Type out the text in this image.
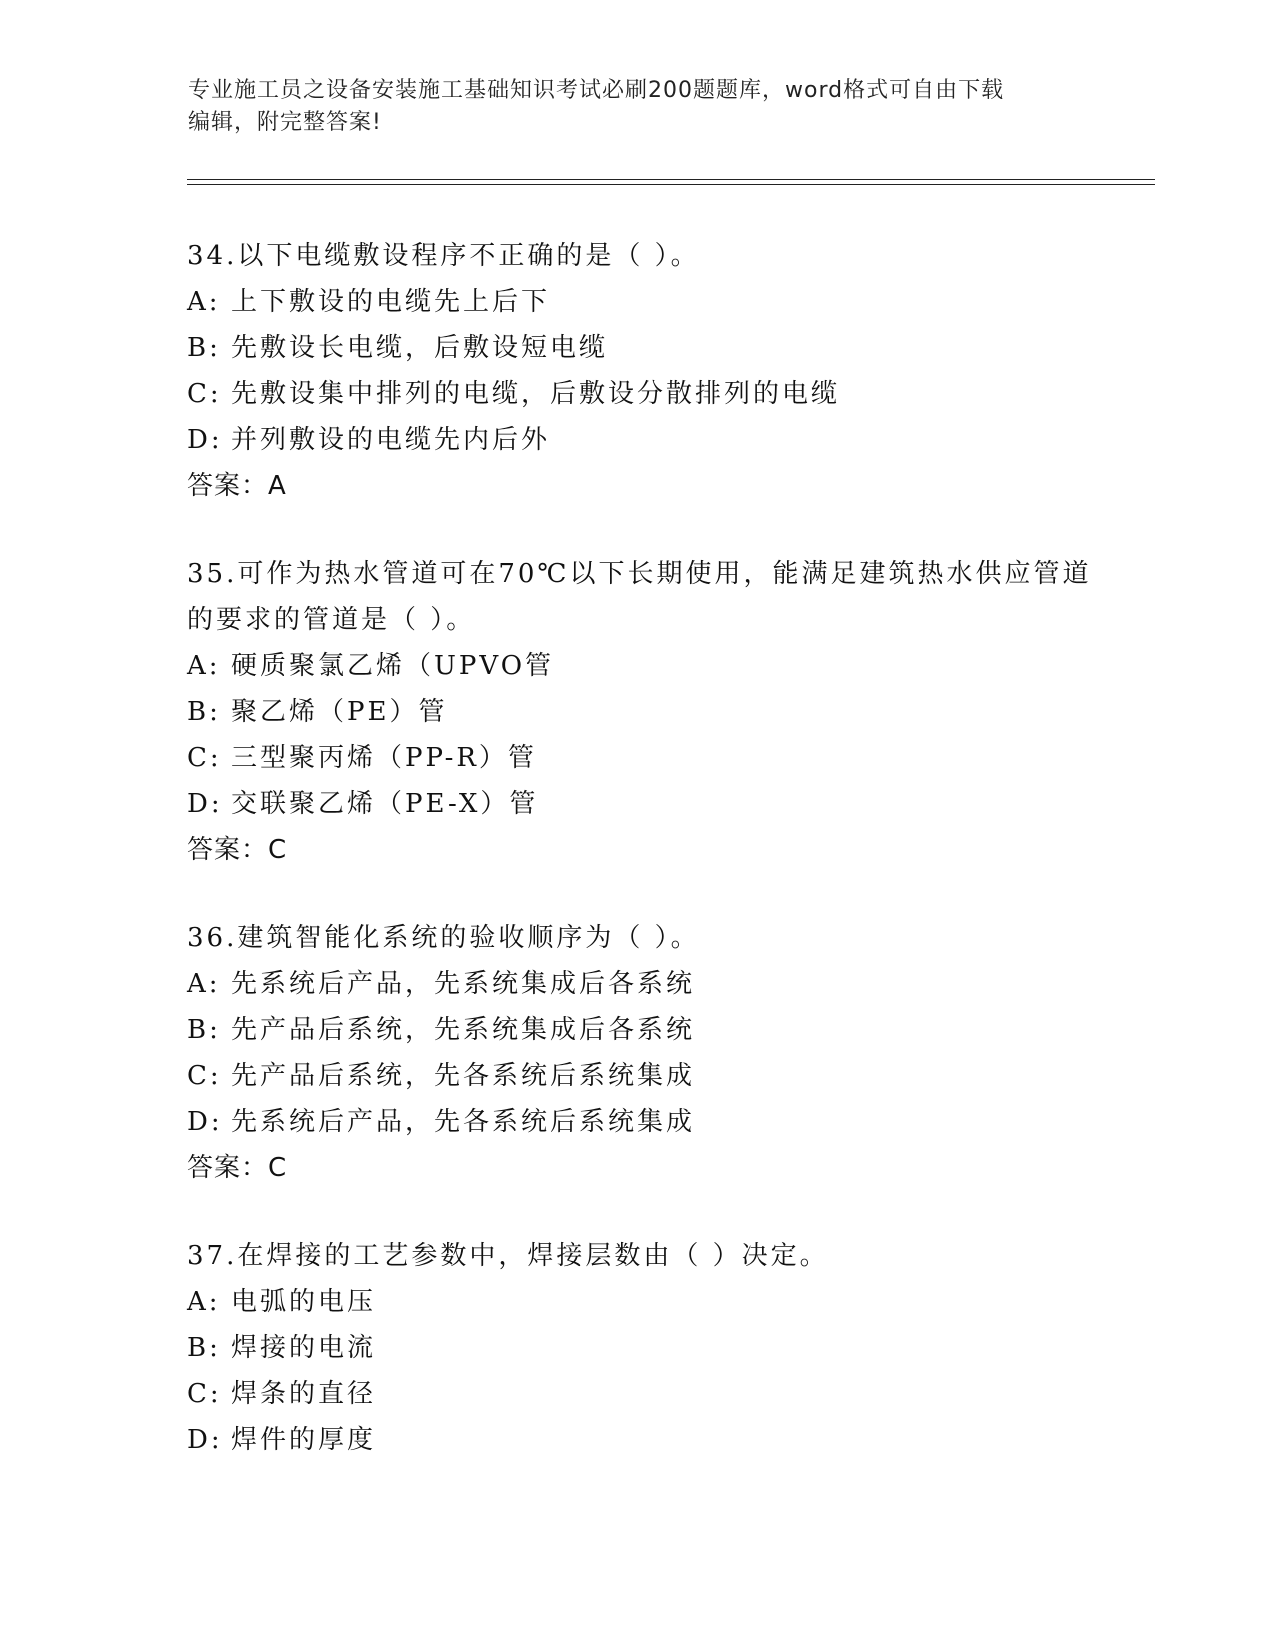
专业施工员之设备安装施工基础知识考试必刷200题题库，word格式可自由下载
编辑，附完整答案!

34.以下电缆敷设程序不正确的是（ ）。

A: 上下敷设的电缆先上后下

B: 先敷设长电缆，后敷设短电缆

C: 先敷设集中排列的电缆，后敷设分散排列的电缆

D: 并列敷设的电缆先内后外

答案：A

35.可作为热水管道可在70℃以下长期使用，能满足建筑热水供应管道

的要求的管道是（ ）。

A: 硬质聚氯乙烯（UPVO管

B: 聚乙烯（PE）管

C: 三型聚丙烯（PP-R）管

D: 交联聚乙烯（PE-X）管

答案：C

36.建筑智能化系统的验收顺序为（ ）。

A: 先系统后产品，先系统集成后各系统

B: 先产品后系统，先系统集成后各系统

C: 先产品后系统，先各系统后系统集成

D: 先系统后产品，先各系统后系统集成

答案：C

37.在焊接的工艺参数中，焊接层数由（ ）决定。

A: 电弧的电压

B: 焊接的电流

C: 焊条的直径

D: 焊件的厚度
